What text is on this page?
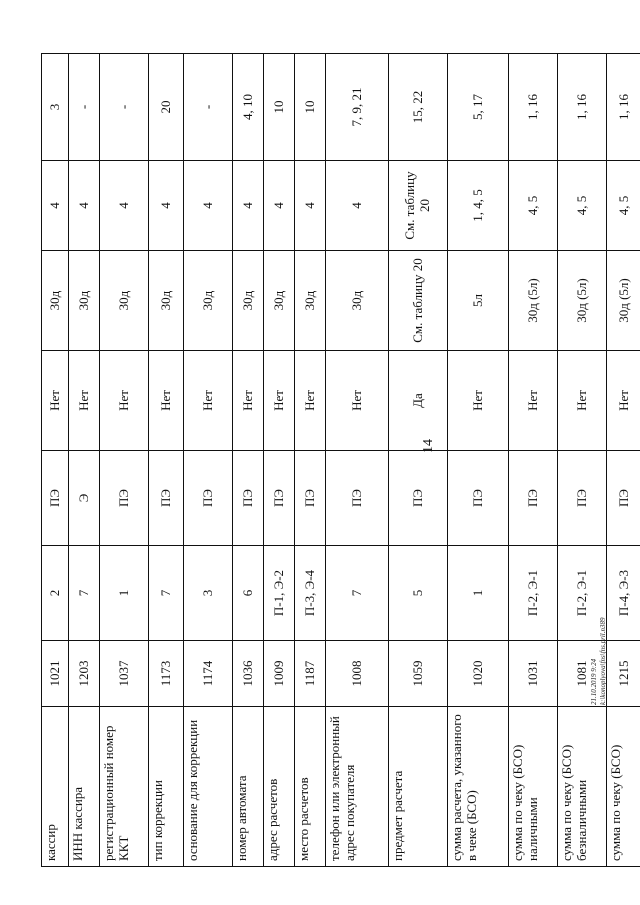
14
кассир	1021	2	ПЭ	Нет	30д	4	3
ИНН кассира	1203	7	Э	Нет	30д	4	-
регистрационный номер ККТ	1037	1	ПЭ	Нет	30д	4	-
тип коррекции	1173	7	ПЭ	Нет	30д	4	20
основание для коррекции	1174	3	ПЭ	Нет	30д	4	-
номер автомата	1036	6	ПЭ	Нет	30д	4	4, 10
адрес расчетов	1009	П-1, Э-2	ПЭ	Нет	30д	4	10
место расчетов	1187	П-3, Э-4	ПЭ	Нет	30д	4	10
телефон или электронный адрес покупателя	1008	7	ПЭ	Нет	30д	4	7, 9, 21
предмет расчета	1059	5	ПЭ	Да	См. таблицу 20	См. таблицу 20	15, 22
сумма расчета, указанного в чеке (БСО)	1020	1	ПЭ	Нет	5л	1, 4, 5	5, 17
сумма по чеку (БСО) наличными	1031	П-2, Э-1	ПЭ	Нет	30д (5л)	4, 5	1, 16
сумма по чеку (БСО) безналичными	1081	П-2, Э-1	ПЭ	Нет	30д (5л)	4, 5	1, 16
сумма по чеку (БСО)	1215	П-4, Э-3	ПЭ	Нет	30д (5л)	4, 5	1, 16
21.10.2019 9:24 k:\konoplyova\fns\fns.pril.n389
